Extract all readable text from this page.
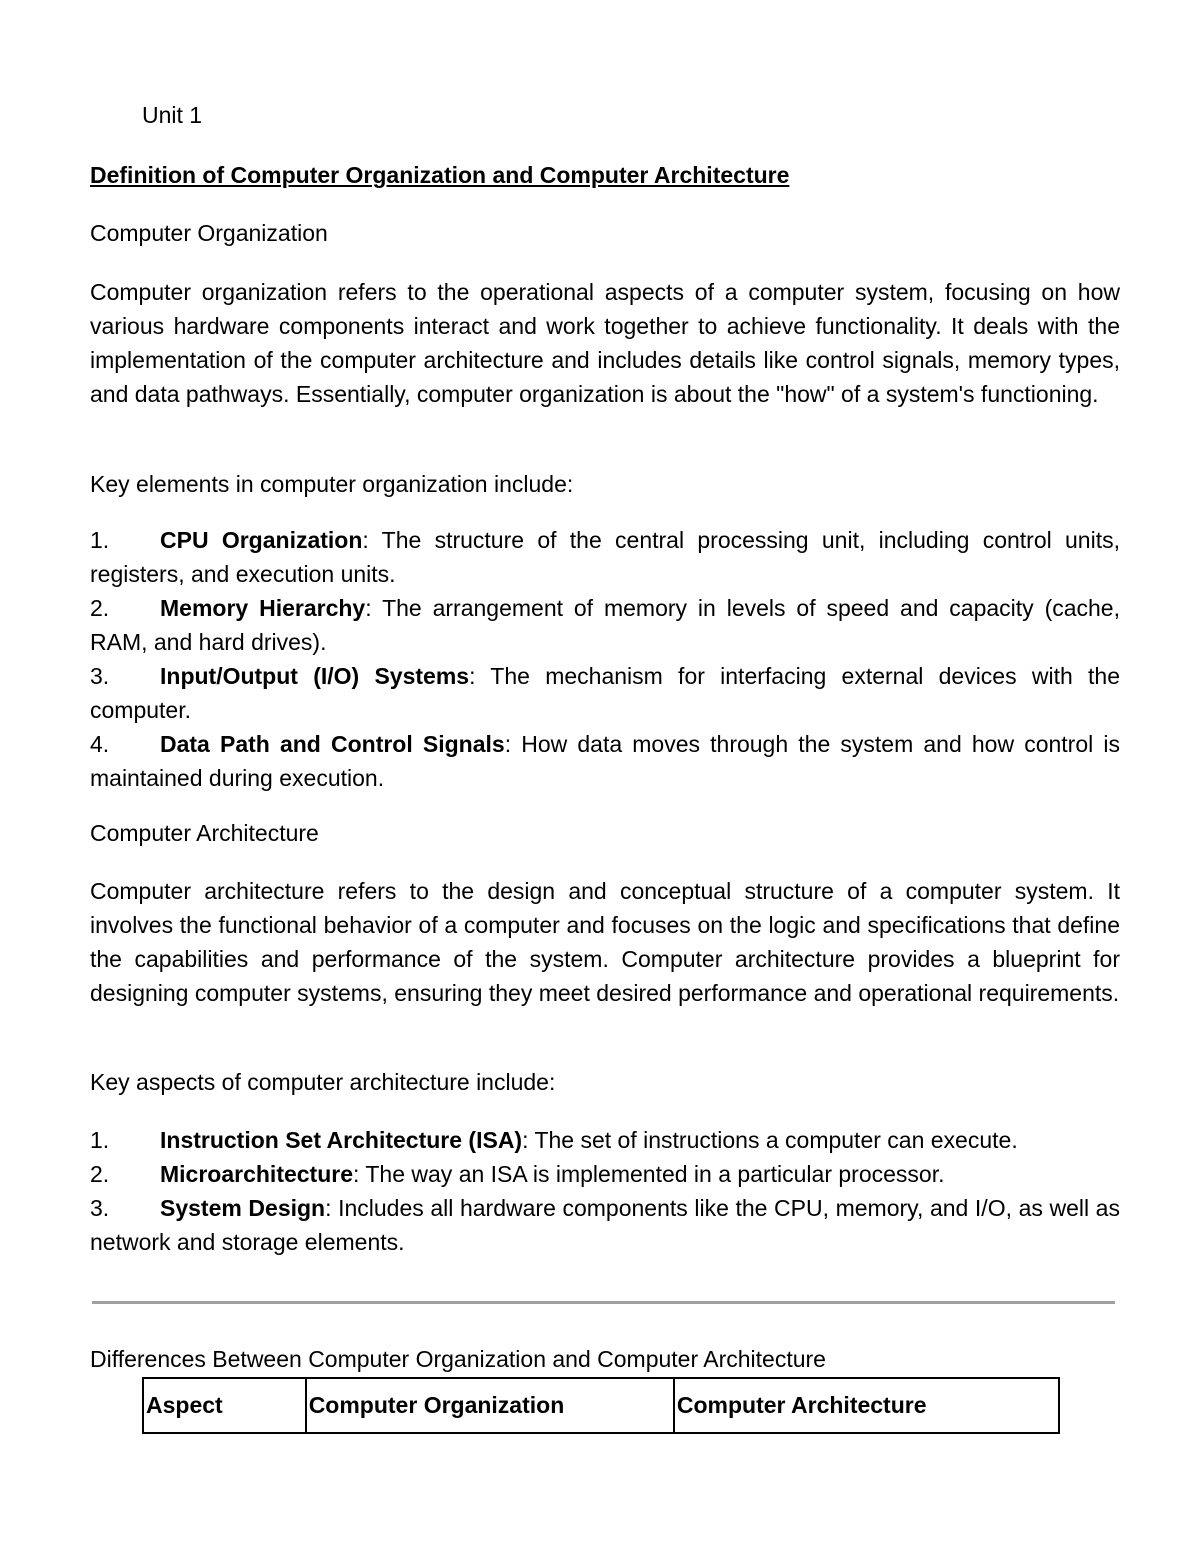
Unit 1

Definition of Computer Organization and Computer Architecture

Computer Organization

Computer organization refers to the operational aspects of a computer system, focusing on how various hardware components interact and work together to achieve functionality. It deals with the implementation of the computer architecture and includes details like control signals, memory types, and data pathways. Essentially, computer organization is about the "how" of a system's functioning.

Key elements in computer organization include:

1. CPU Organization: The structure of the central processing unit, including control units, registers, and execution units.
2. Memory Hierarchy: The arrangement of memory in levels of speed and capacity (cache, RAM, and hard drives).
3. Input/Output (I/O) Systems: The mechanism for interfacing external devices with the computer.
4. Data Path and Control Signals: How data moves through the system and how control is maintained during execution.

Computer Architecture

Computer architecture refers to the design and conceptual structure of a computer system. It involves the functional behavior of a computer and focuses on the logic and specifications that define the capabilities and performance of the system. Computer architecture provides a blueprint for designing computer systems, ensuring they meet desired performance and operational requirements.

Key aspects of computer architecture include:

1. Instruction Set Architecture (ISA): The set of instructions a computer can execute.
2. Microarchitecture: The way an ISA is implemented in a particular processor.
3. System Design: Includes all hardware components like the CPU, memory, and I/O, as well as network and storage elements.

Differences Between Computer Organization and Computer Architecture

Aspect	Computer Organization	Computer Architecture
